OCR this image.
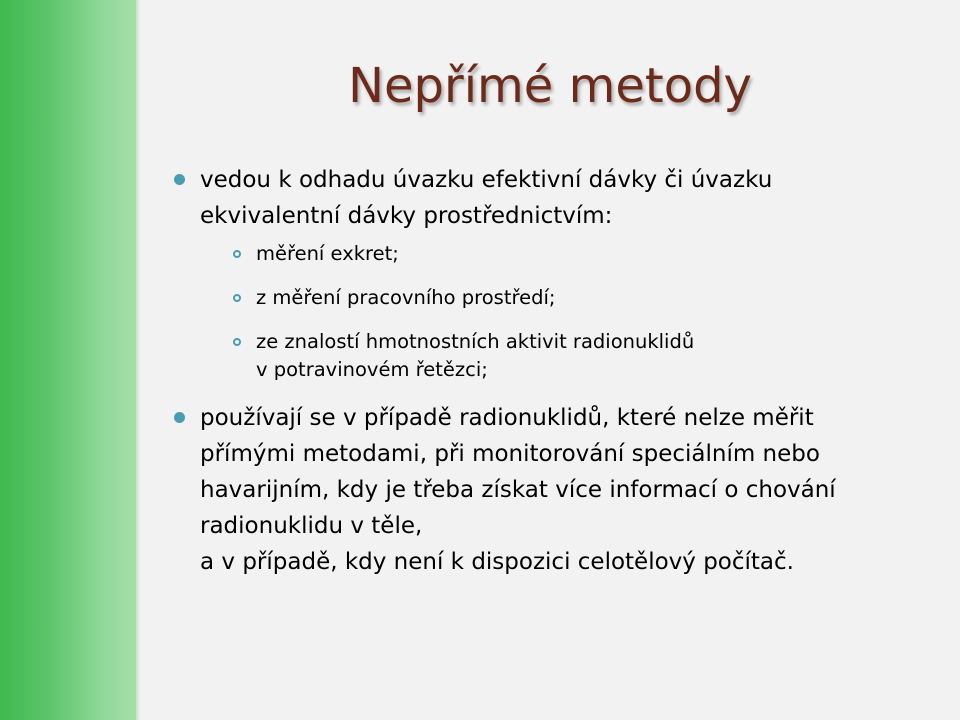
Nepřímé metody
vedou k odhadu úvazku efektivní dávky či úvazku
ekvivalentní dávky prostřednictvím:
měření exkret;
z měření pracovního prostředí;
ze znalostí hmotnostních aktivit radionuklidů
v potravinovém řetězci;
používají se v případě radionuklidů, které nelze měřit
přímými metodami, při monitorování speciálním nebo
havarijním, kdy je třeba získat více informací o chování
radionuklidu v těle,
a v případě, kdy není k dispozici celotělový počítač.
